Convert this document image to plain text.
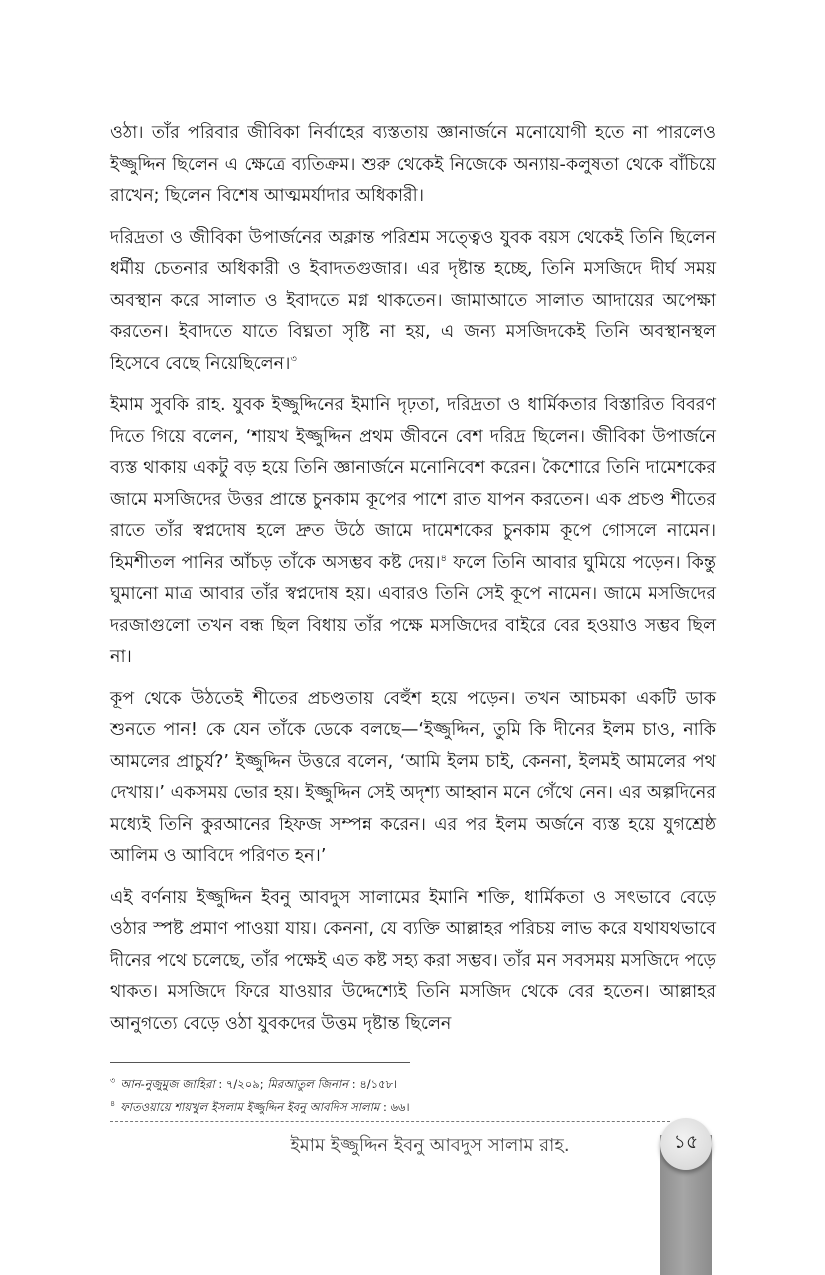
ওঠা। তাঁর পরিবার জীবিকা নির্বাহের ব্যস্ততায় জ্ঞানার্জনে মনোযোগী হতে না পারলেও ইজ্জুদ্দিন ছিলেন এ ক্ষেত্রে ব্যতিক্রম। শুরু থেকেই নিজেকে অন্যায়-কলুষতা থেকে বাঁচিয়ে রাখেন; ছিলেন বিশেষ আত্মমর্যাদার অধিকারী।

দরিদ্রতা ও জীবিকা উপার্জনের অক্লান্ত পরিশ্রম সত্ত্বেও যুবক বয়স থেকেই তিনি ছিলেন ধর্মীয় চেতনার অধিকারী ও ইবাদতগুজার। এর দৃষ্টান্ত হচ্ছে, তিনি মসজিদে দীর্ঘ সময় অবস্থান করে সালাত ও ইবাদতে মগ্ন থাকতেন। জামাআতে সালাত আদায়ের অপেক্ষা করতেন। ইবাদতে যাতে বিঘ্নতা সৃষ্টি না হয়, এ জন্য মসজিদকেই তিনি অবস্থানস্থল হিসেবে বেছে নিয়েছিলেন।$^৩$

ইমাম সুবকি রাহ. যুবক ইজ্জুদ্দিনের ইমানি দৃঢ়তা, দরিদ্রতা ও ধার্মিকতার বিস্তারিত বিবরণ দিতে গিয়ে বলেন, ‘শায়খ ইজ্জুদ্দিন প্রথম জীবনে বেশ দরিদ্র ছিলেন। জীবিকা উপার্জনে ব্যস্ত থাকায় একটু বড় হয়ে তিনি জ্ঞানার্জনে মনোনিবেশ করেন। কৈশোরে তিনি দামেশকের জামে মসজিদের উত্তর প্রান্তে চুনকাম কূপের পাশে রাত যাপন করতেন। এক প্রচণ্ড শীতের রাতে তাঁর স্বপ্নদোষ হলে দ্রুত উঠে জামে দামেশকের চুনকাম কূপে গোসলে নামেন। হিমশীতল পানির আঁচড় তাঁকে অসম্ভব কষ্ট দেয়।$^৪$ ফলে তিনি আবার ঘুমিয়ে পড়েন। কিন্তু ঘুমানো মাত্র আবার তাঁর স্বপ্নদোষ হয়। এবারও তিনি সেই কূপে নামেন। জামে মসজিদের দরজাগুলো তখন বন্ধ ছিল বিধায় তাঁর পক্ষে মসজিদের বাইরে বের হওয়াও সম্ভব ছিল না।

কূপ থেকে উঠতেই শীতের প্রচণ্ডতায় বেহুঁশ হয়ে পড়েন। তখন আচমকা একটি ডাক শুনতে পান! কে যেন তাঁকে ডেকে বলছে—‘ইজ্জুদ্দিন, তুমি কি দীনের ইলম চাও, নাকি আমলের প্রাচুর্য?’ ইজ্জুদ্দিন উত্তরে বলেন, ‘আমি ইলম চাই, কেননা, ইলমই আমলের পথ দেখায়।’ একসময় ভোর হয়। ইজ্জুদ্দিন সেই অদৃশ্য আহ্বান মনে গেঁথে নেন। এর অল্পদিনের মধ্যেই তিনি কুরআনের হিফজ সম্পন্ন করেন। এর পর ইলম অর্জনে ব্যস্ত হয়ে যুগশ্রেষ্ঠ আলিম ও আবিদে পরিণত হন।’

এই বর্ণনায় ইজ্জুদ্দিন ইবনু আবদুস সালামের ইমানি শক্তি, ধার্মিকতা ও সৎভাবে বেড়ে ওঠার স্পষ্ট প্রমাণ পাওয়া যায়। কেননা, যে ব্যক্তি আল্লাহর পরিচয় লাভ করে যথাযথভাবে দীনের পথে চলেছে, তাঁর পক্ষেই এত কষ্ট সহ্য করা সম্ভব। তাঁর মন সবসময় মসজিদে পড়ে থাকত। মসজিদে ফিরে যাওয়ার উদ্দেশ্যেই তিনি মসজিদ থেকে বের হতেন। আল্লাহর আনুগত্যে বেড়ে ওঠা যুবকদের উত্তম দৃষ্টান্ত ছিলেন

$^৩$ আন-নুজুমুজ জাহিরা : ৭/২০৯; মিরআতুল জিনান : ৪/১৫৮।

$^৪$ ফাতওয়ায়ে শায়খুল ইসলাম ইজ্জুদ্দিন ইবনু আবদিস সালাম : ৬৬।

ইমাম ইজ্জুদ্দিন ইবনু আবদুস সালাম রাহ.	১৫
